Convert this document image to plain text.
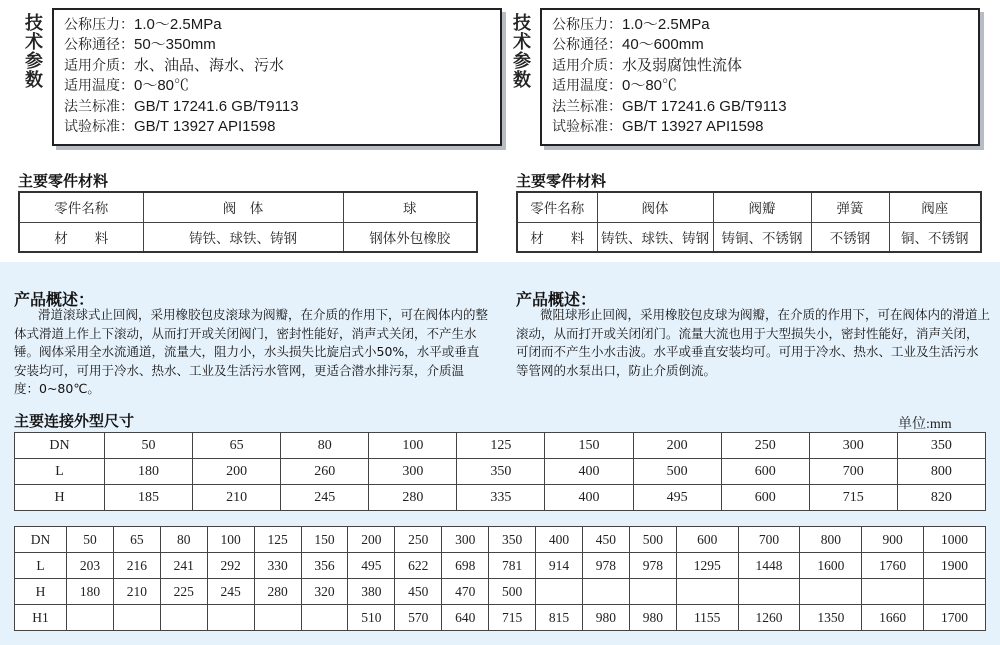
技
术
参
数
公称压力：1.0～2.5MPa
公称通径：50～350mm
适用介质：水、油品、海水、污水
适用温度：0～80℃
法兰标准：GB/T 17241.6 GB/T9113
试验标准：GB/T 13927 API1598
技
术
参
数
公称压力：1.0～2.5MPa
公称通径：40～600mm
适用介质：水及弱腐蚀性流体
适用温度：0～80℃
法兰标准：GB/T 17241.6 GB/T9113
试验标准：GB/T 13927 API1598
主要零件材料	主要零件材料
零件名称	阀　体	球
材　　料	铸铁、球铁、铸钢	钢体外包橡胶
零件名称	阀体	阀瓣	弹簧	阀座
材　　料	铸铁、球铁、铸钢	铸铜、不锈钢	不锈钢	铜、不锈钢
产品概述：
滑道滚球式止回阀，采用橡胶包皮滚球为阀瓣，在介质的作用下，可在阀体内的整体式滑道上作上下滚动，从而打开或关闭阀门，密封性能好，消声式关闭，不产生水锤。阀体采用全水流通道，流量大，阻力小，水头损失比旋启式小50%，水平或垂直安装均可，可用于冷水、热水、工业及生活污水管网，更适合潜水排污泵，介质温度：0~80℃。
产品概述：
微阻球形止回阀，采用橡胶包皮球为阀瓣，在介质的作用下，可在阀体内的滑道上滚动，从而打开或关闭闭门。流量大流也用于大型损失小，密封性能好，消声关闭，可闭而不产生小水击波。水平或垂直安装均可。可用于冷水、热水、工业及生活污水等管网的水泵出口，防止介质倒流。
主要连接外型尺寸	单位:mm
DN	50	65	80	100	125	150	200	250	300	350
L	180	200	260	300	350	400	500	600	700	800
H	185	210	245	280	335	400	495	600	715	820
DN	50	65	80	100	125	150	200	250	300	350	400	450	500	600	700	800	900	1000
L	203	216	241	292	330	356	495	622	698	781	914	978	978	1295	1448	1600	1760	1900
H	180	210	225	245	280	320	380	450	470	500								
H1							510	570	640	715	815	980	980	1155	1260	1350	1660	1700
